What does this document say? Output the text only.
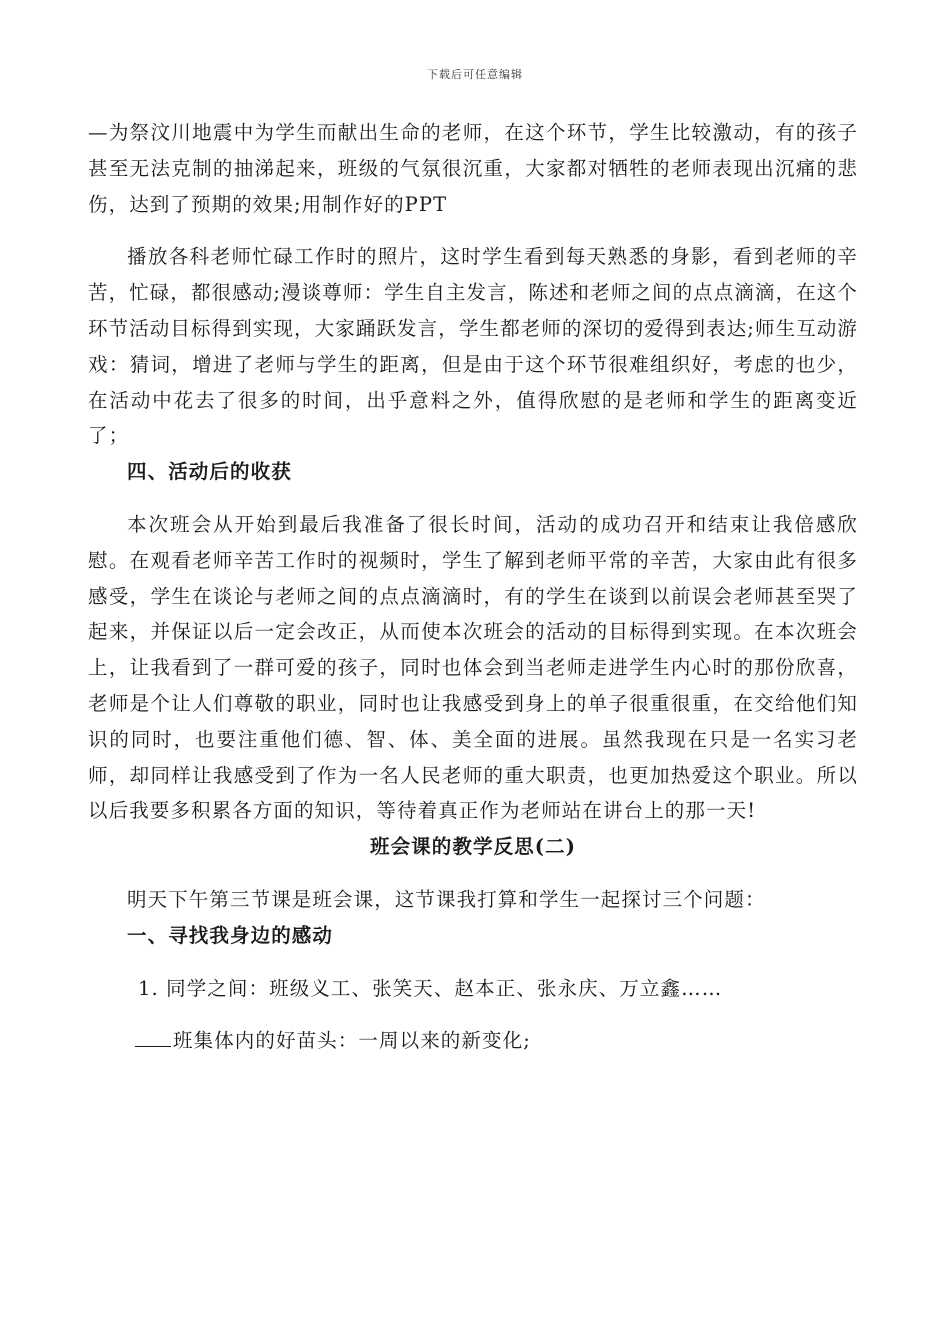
下载后可任意编辑

—为祭汶川地震中为学生而献出生命的老师，在这个环节，学生比较激动，有的孩子甚至无法克制的抽涕起来，班级的气氛很沉重，大家都对牺牲的老师表现出沉痛的悲伤，达到了预期的效果;用制作好的PPT

播放各科老师忙碌工作时的照片，这时学生看到每天熟悉的身影，看到老师的辛苦，忙碌，都很感动;漫谈尊师：学生自主发言，陈述和老师之间的点点滴滴，在这个环节活动目标得到实现，大家踊跃发言，学生都老师的深切的爱得到表达;师生互动游戏：猜词，增进了老师与学生的距离，但是由于这个环节很难组织好，考虑的也少，在活动中花去了很多的时间，出乎意料之外，值得欣慰的是老师和学生的距离变近了；

四、活动后的收获

本次班会从开始到最后我准备了很长时间，活动的成功召开和结束让我倍感欣慰。在观看老师辛苦工作时的视频时，学生了解到老师平常的辛苦，大家由此有很多感受，学生在谈论与老师之间的点点滴滴时，有的学生在谈到以前误会老师甚至哭了起来，并保证以后一定会改正，从而使本次班会的活动的目标得到实现。在本次班会上，让我看到了一群可爱的孩子，同时也体会到当老师走进学生内心时的那份欣喜，老师是个让人们尊敬的职业，同时也让我感受到身上的单子很重很重，在交给他们知识的同时，也要注重他们德、智、体、美全面的进展。虽然我现在只是一名实习老师，却同样让我感受到了作为一名人民老师的重大职责，也更加热爱这个职业。所以以后我要多积累各方面的知识，等待着真正作为老师站在讲台上的那一天!

班会课的教学反思(二)

明天下午第三节课是班会课，这节课我打算和学生一起探讨三个问题：

一、寻找我身边的感动

1. 同学之间：班级义工、张笑天、赵本正、张永庆、万立鑫……

班集体内的好苗头：一周以来的新变化;
